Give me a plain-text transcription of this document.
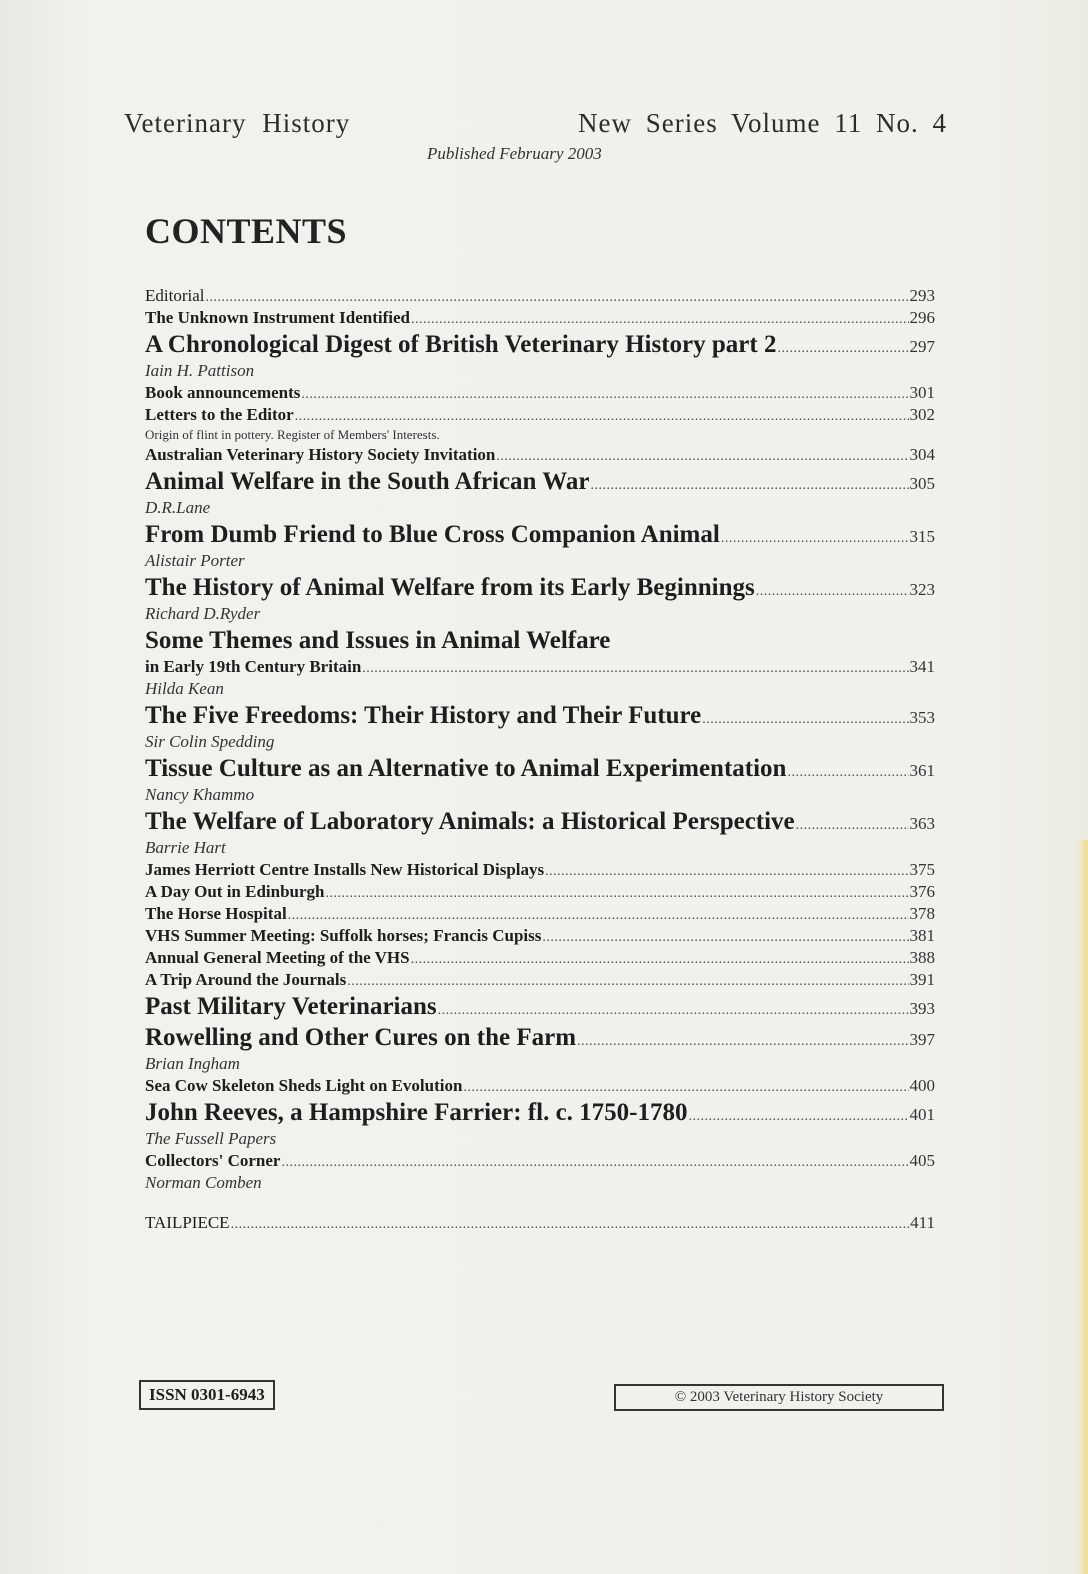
Veterinary History	New Series Volume 11 No. 4
Published February 2003
CONTENTS
Editorial .....	293
The Unknown Instrument Identified .....	296
A Chronological Digest of British Veterinary History part 2 .....	297
Iain H. Pattison
Book announcements .....	301
Letters to the Editor .....	302
Origin of flint in pottery. Register of Members' Interests.
Australian Veterinary History Society Invitation .....	304
Animal Welfare in the South African War .....	305
D.R.Lane
From Dumb Friend to Blue Cross Companion Animal .....	315
Alistair Porter
The History of Animal Welfare from its Early Beginnings .....	323
Richard D.Ryder
Some Themes and Issues in Animal Welfare
in Early 19th Century Britain .....	341
Hilda Kean
The Five Freedoms: Their History and Their Future .....	353
Sir Colin Spedding
Tissue Culture as an Alternative to Animal Experimentation .....	361
Nancy Khammo
The Welfare of Laboratory Animals: a Historical Perspective .....	363
Barrie Hart
James Herriott Centre Installs New Historical Displays .....	375
A Day Out in Edinburgh .....	376
The Horse Hospital .....	378
VHS Summer Meeting: Suffolk horses; Francis Cupiss .....	381
Annual General Meeting of the VHS .....	388
A Trip Around the Journals .....	391
Past Military Veterinarians .....	393
Rowelling and Other Cures on the Farm .....	397
Brian Ingham
Sea Cow Skeleton Sheds Light on Evolution .....	400
John Reeves, a Hampshire Farrier: fl. c. 1750-1780 .....	401
The Fussell Papers
Collectors' Corner .....	405
Norman Comben
TAILPIECE .....	411
ISSN 0301-6943	© 2003 Veterinary History Society
